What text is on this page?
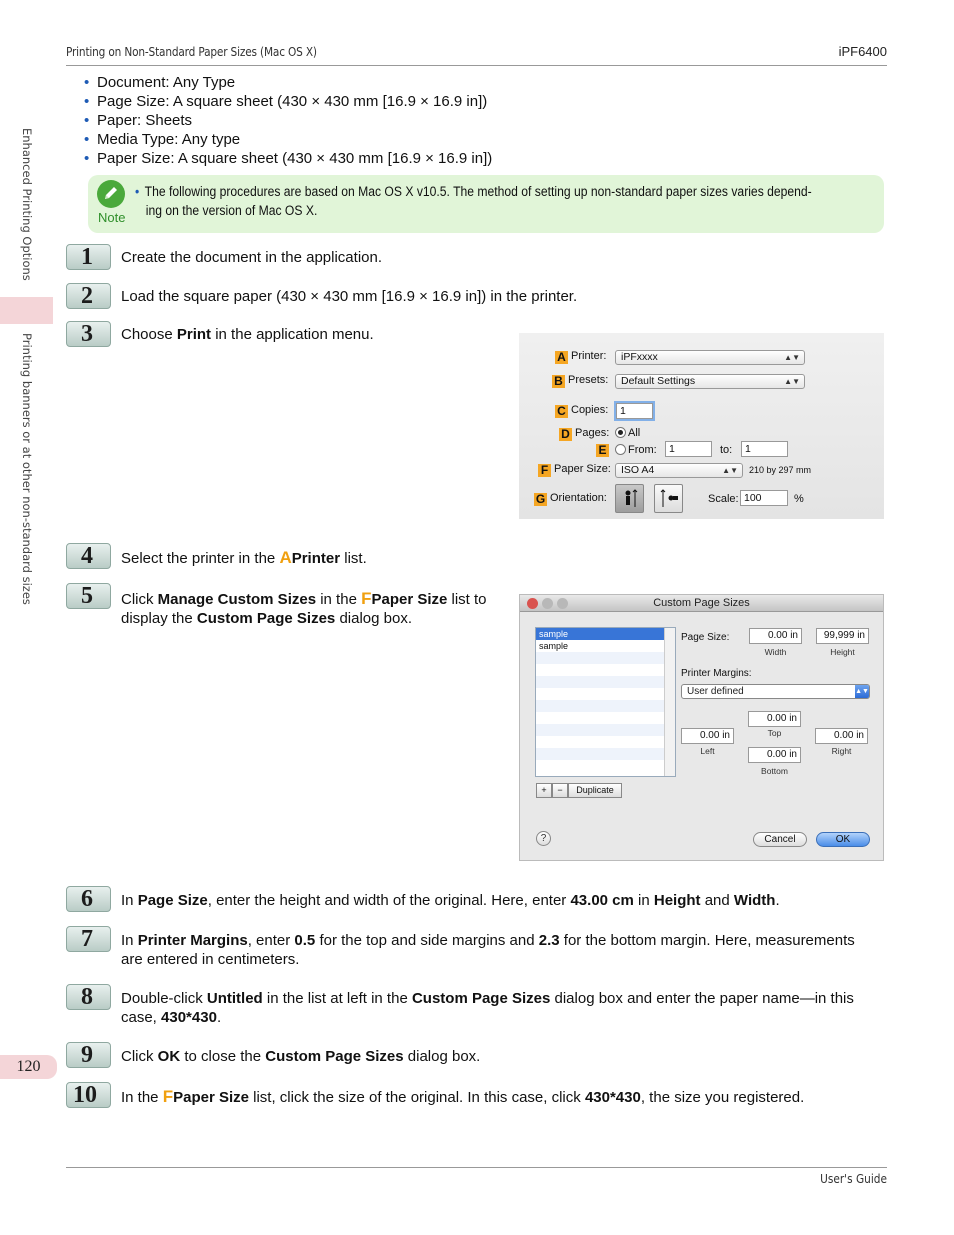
Printing on Non-Standard Paper Sizes (Mac OS X)	iPF6400
Enhanced Printing Options
Printing banners or at other non-standard sizes
120
User's Guide
• Document: Any Type
• Page Size: A square sheet (430 × 430 mm [16.9 × 16.9 in])
• Paper: Sheets
• Media Type: Any type
• Paper Size: A square sheet (430 × 430 mm [16.9 × 16.9 in])
Note
• The following procedures are based on Mac OS X v10.5. The method of setting up non-standard paper sizes varies depend-
ing on the version of Mac OS X.
1	Create the document in the application.
2	Load the square paper (430 × 430 mm [16.9 × 16.9 in]) in the printer.
3	Choose Print in the application menu.
A Printer:	iPFxxxx	▲▼
B Presets:	Default Settings	▲▼
C Copies:	1
D Pages:	All
E	From:	1	to:	1
F Paper Size: ISO A4	▲▼ 210 by 297 mm
G Orientation:	Scale: 100	%
4	Select the printer in the APrinter list.
5	Click Manage Custom Sizes in the FPaper Size list to
display the Custom Page Sizes dialog box.
Custom Page Sizes
sample
sample
+	−	Duplicate
Page Size:	0.00 in
Width
99,999 in
Height
Printer Margins:
User defined	▲▼
0.00 in
Top
0.00 in
Left
0.00 in
Right
0.00 in
Bottom
?	Cancel	OK
6	In Page Size, enter the height and width of the original. Here, enter 43.00 cm in Height and Width.
7	In Printer Margins, enter 0.5 for the top and side margins and 2.3 for the bottom margin. Here, measurements
are entered in centimeters.
8	Double-click Untitled in the list at left in the Custom Page Sizes dialog box and enter the paper name—in this
case, 430*430.
9	Click OK to close the Custom Page Sizes dialog box.
10	In the FPaper Size list, click the size of the original. In this case, click 430*430, the size you registered.
